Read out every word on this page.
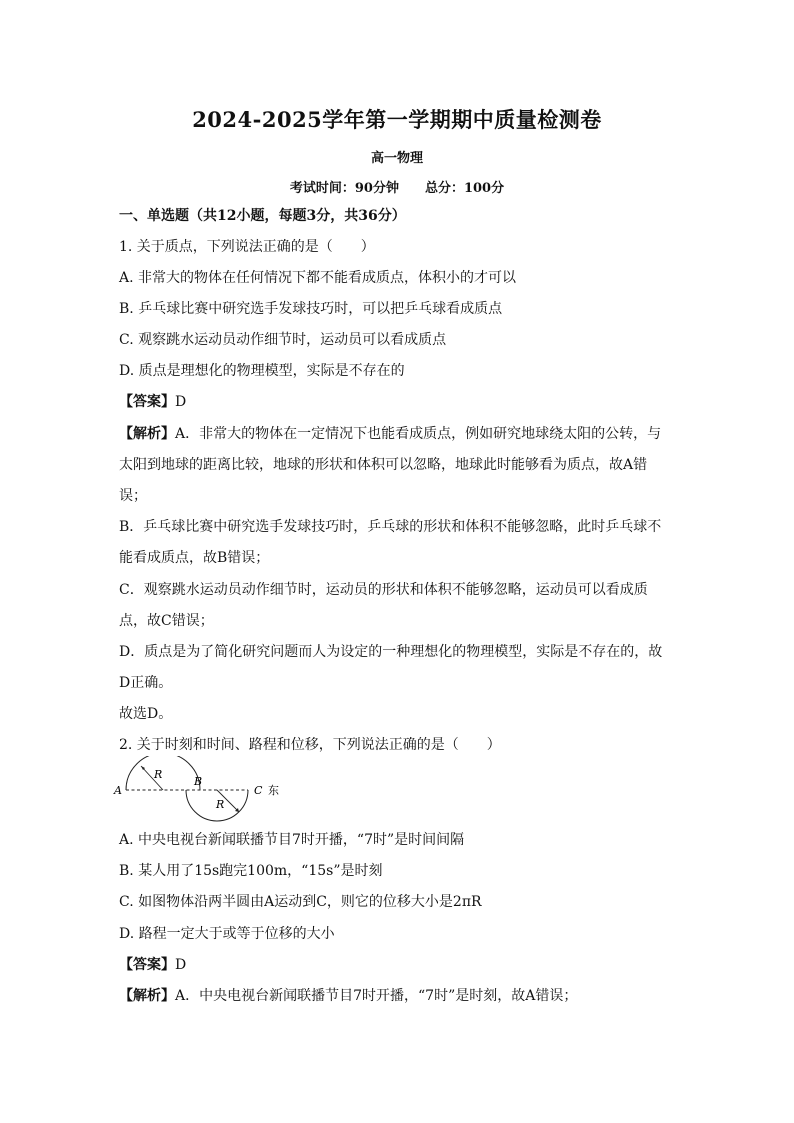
2024-2025学年第一学期期中质量检测卷
高一物理
考试时间：90分钟 总分：100分
一、单选题（共12小题，每题3分，共36分）
1. 关于质点，下列说法正确的是（　　）
A. 非常大的物体在任何情况下都不能看成质点，体积小的才可以
B. 乒乓球比赛中研究选手发球技巧时，可以把乒乓球看成质点
C. 观察跳水运动员动作细节时，运动员可以看成质点
D. 质点是理想化的物理模型，实际是不存在的
【答案】D
【解析】A．非常大的物体在一定情况下也能看成质点，例如研究地球绕太阳的公转，与
太阳到地球的距离比较，地球的形状和体积可以忽略，地球此时能够看为质点，故A错
误；
B．乒乓球比赛中研究选手发球技巧时，乒乓球的形状和体积不能够忽略，此时乒乓球不
能看成质点，故B错误；
C．观察跳水运动员动作细节时，运动员的形状和体积不能够忽略，运动员可以看成质
点，故C错误；
D．质点是为了简化研究问题而人为设定的一种理想化的物理模型，实际是不存在的，故
D正确。
故选D。
2. 关于时刻和时间、路程和位移，下列说法正确的是（　　）
A
B
C 东
R
R
A. 中央电视台新闻联播节目7时开播，“7时”是时间间隔
B. 某人用了15s跑完100m，“15s”是时刻
C. 如图物体沿两半圆由A运动到C，则它的位移大小是2πR
D. 路程一定大于或等于位移的大小
【答案】D
【解析】A．中央电视台新闻联播节目7时开播，“7时”是时刻，故A错误；
